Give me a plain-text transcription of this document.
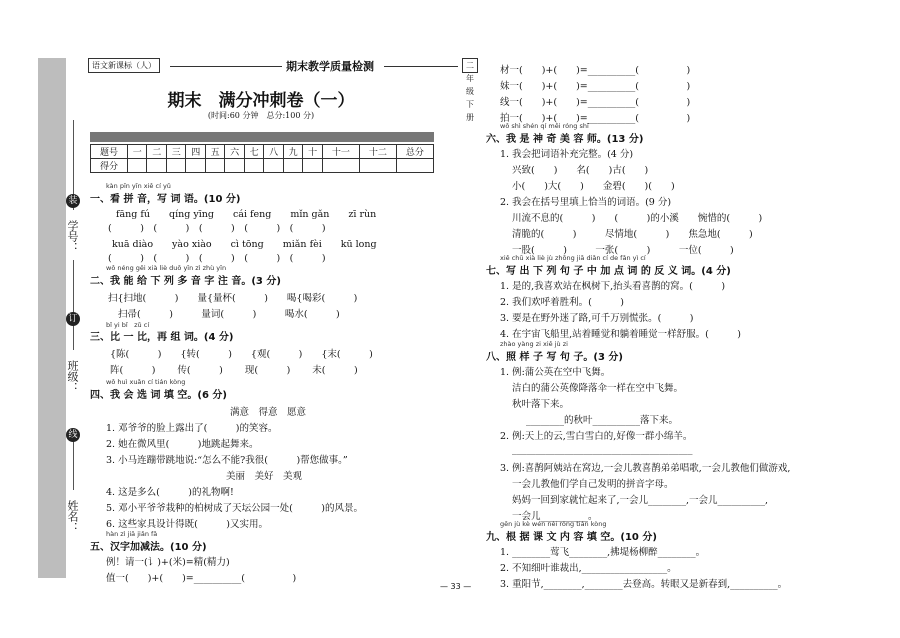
学号：
班级：
姓名：
装
订
线
语文新课标（人）	期末教学质量检测	二年级下册
期末　满分冲刺卷（一）
(时间:60 分钟　总分:100 分)
题号	一	二	三	四	五	六	七	八	九	十	十一	十二	总分
得分													
kàn pīn yīn xiě cí yǔ
一、看 拼 音，写 词 语。(10 分)
fāng fú　　qíng yīng　　cái feng　　mǐn gǎn　　zī rùn
(　　　)　(　　　)　(　　　)　(　　　)　(　　　)
kuā diào　　yào xiào　　cì tōng　　miǎn fèi　　kū long
(　　　)　(　　　)　(　　　)　(　　　)　(　　　)
wǒ néng gěi xià liè duō yīn zì zhù yīn
二、我 能 给 下 列 多 音 字 注 音。(3 分)
扫{扫地(　　　)　　量{量杯(　　　)　　喝{喝彩(　　　)
扫帚(　　　)　　　量词(　　　)　　　喝水(　　　)
bǐ yi bǐ　zǔ cí
三、比 一 比，再 组 词。(4 分)
{陈(　　　)　　{转(　　　)　　{观(　　　)　　{末(　　　)
阵(　　　)　　 传(　　　)　　 现(　　　)　　 未(　　　)
wǒ huì xuǎn cí tián kòng
四、我 会 选 词 填 空。(6 分)
满意　得意　愿意
1. 邓爷爷的脸上露出了(　　　)的笑容。
2. 她在微风里(　　　)地跳起舞来。
3. 小马连蹦带跳地说:“怎么不能?我很(　　　)帮您做事。”
美丽　美好　美观
4. 这是多么(　　　)的礼物啊!
5. 邓小平爷爷栽种的柏树成了天坛公园一处(　　　)的风景。
6. 这些家具设计得既(　　　)又实用。
hàn zì jiā jiǎn fǎ
五、汉字加减法。(10 分)
例！请一(讠)+(米)=精(精力)
值一(　　)+(　　)=__________(　　　　　)
材一(　　)+(　　)=__________(　　　　　)
妹一(　　)+(　　)=__________(　　　　　)
线一(　　)+(　　)=__________(　　　　　)
拍一(　　)+(　　)=__________(　　　　　)
wǒ shì shén qí měi róng shī
六、我 是 神 奇 美 容 师。(13 分)
1. 我会把词语补充完整。(4 分)
兴致(　　)　　名(　　)古(　　)
小(　　)大(　　)　　金碧(　　)(　　)
2. 我会在括号里填上恰当的词语。(9 分)
川流不息的(　　　)　　(　　　)的小溪　　惋惜的(　　　)
清脆的(　　　)　　　尽情地(　　　)　　焦急地(　　　)
一股(　　　)　　　一张(　　　)　　　一位(　　　)
xiě chū xià liè jù zhōng jiā diǎn cí de fǎn yì cí
七、写 出 下 列 句 子 中 加 点 词 的 反 义 词。(4 分)
1. 是的,我喜欢站在枫树下,抬头看喜鹊的窝。(　　　)
2. 我们欢呼着胜利。(　　　)
3. 要是在野外迷了路,可千万别慌张。(　　　)
4. 在宇宙飞船里,站着睡觉和躺着睡觉一样舒服。(　　　)
zhào yàng zi xiě jù zi
八、照 样 子 写 句 子。(3 分)
1. 例:蒲公英在空中飞舞。
洁白的蒲公英像降落伞一样在空中飞舞。
秋叶落下来。
________的秋叶__________落下来。
2. 例:天上的云,雪白雪白的,好像一群小绵羊。
______________________________________
3. 例:喜鹊阿姨站在窝边,一会儿教喜鹊弟弟唱歌,一会儿教他们做游戏,
一会儿教他们学自己发明的拼音字母。
妈妈一回到家就忙起来了,一会儿________,一会儿__________,
一会儿__________。
gēn jù kè wén nèi róng tián kòng
九、根 据 课 文 内 容 填 空。(10 分)
1. ________莺飞________,拂堤杨柳醉________。
2. 不知细叶谁裁出,__________________。
3. 重阳节,________,________去登高。转眼又是新春到,__________。
— 33 —
